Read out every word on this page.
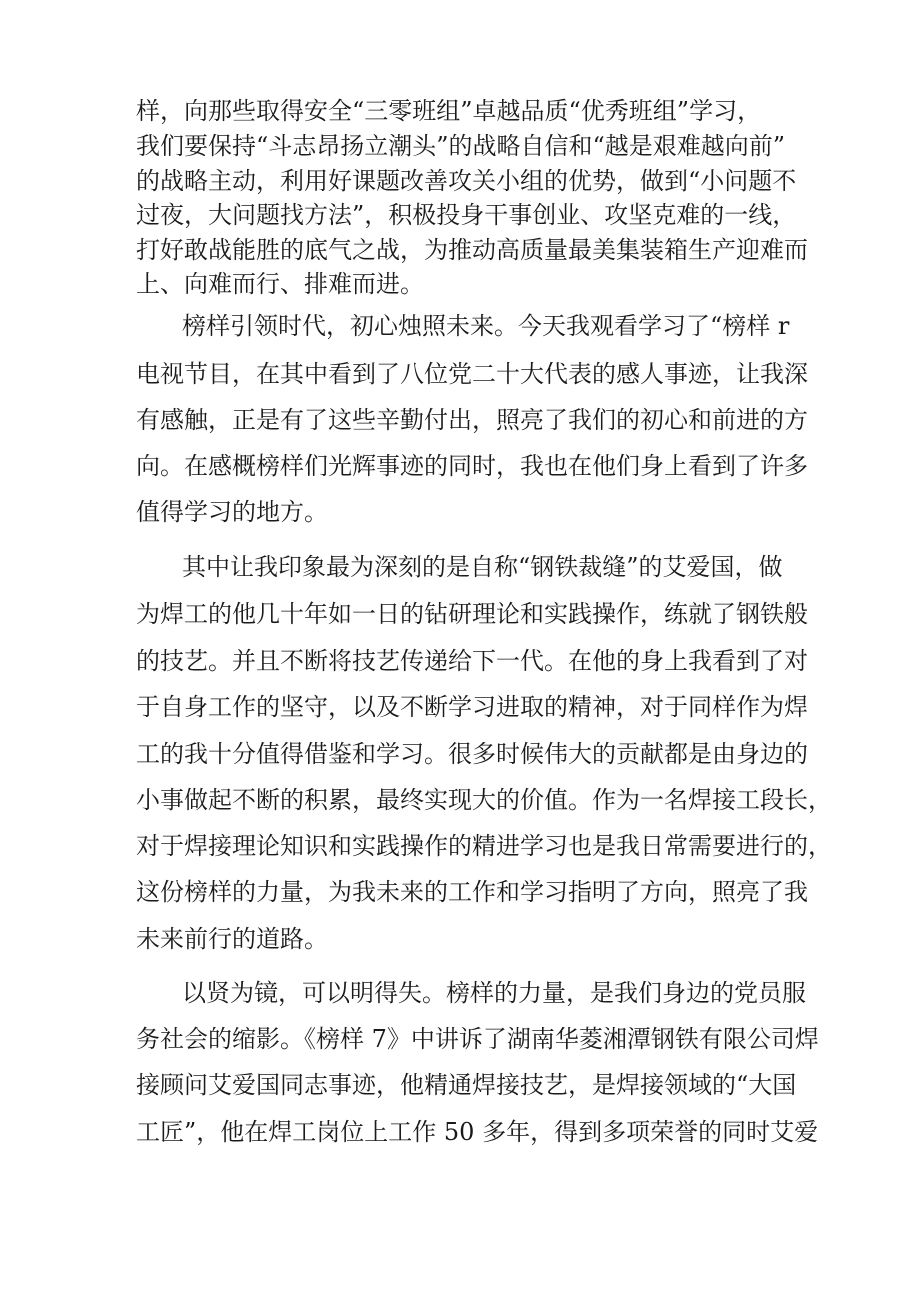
样，向那些取得安全“三零班组”卓越品质“优秀班组”学习，
我们要保持“斗志昂扬立潮头”的战略自信和“越是艰难越向前”
的战略主动，利用好课题改善攻关小组的优势，做到“小问题不
过夜，大问题找方法”，积极投身干事创业、攻坚克难的一线，
打好敢战能胜的底气之战，为推动高质量最美集装箱生产迎难而
上、向难而行、排难而进。
榜样引领时代，初心烛照未来。今天我观看学习了“榜样 r
电视节目，在其中看到了八位党二十大代表的感人事迹，让我深
有感触，正是有了这些辛勤付出，照亮了我们的初心和前进的方
向。在感概榜样们光辉事迹的同时，我也在他们身上看到了许多
值得学习的地方。
其中让我印象最为深刻的是自称“钢铁裁缝”的艾爱国，做
为焊工的他几十年如一日的钻研理论和实践操作，练就了钢铁般
的技艺。并且不断将技艺传递给下一代。在他的身上我看到了对
于自身工作的坚守，以及不断学习进取的精神，对于同样作为焊
工的我十分值得借鉴和学习。很多时候伟大的贡献都是由身边的
小事做起不断的积累，最终实现大的价值。作为一名焊接工段长，
对于焊接理论知识和实践操作的精进学习也是我日常需要进行的，
这份榜样的力量，为我未来的工作和学习指明了方向，照亮了我
未来前行的道路。
以贤为镜，可以明得失。榜样的力量，是我们身边的党员服
务社会的缩影。《榜样 7》中讲诉了湖南华菱湘潭钢铁有限公司焊
接顾问艾爱国同志事迹，他精通焊接技艺，是焊接领域的“大国
工匠”，他在焊工岗位上工作 50 多年，得到多项荣誉的同时艾爱
